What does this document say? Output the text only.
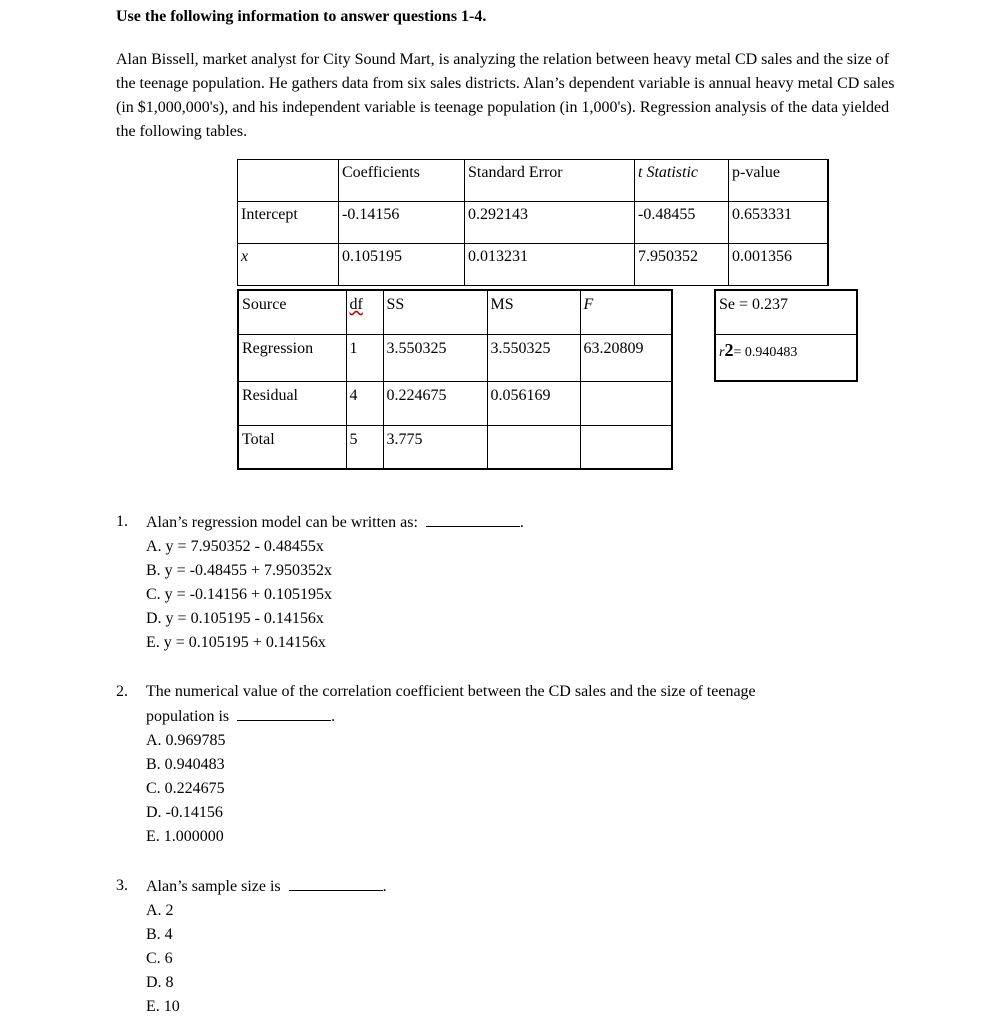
Use the following information to answer questions 1-4.

Alan Bissell, market analyst for City Sound Mart, is analyzing the relation between heavy metal CD sales and the size of the teenage population. He gathers data from six sales districts. Alan’s dependent variable is annual heavy metal CD sales (in $1,000,000's), and his independent variable is teenage population (in 1,000's). Regression analysis of the data yielded the following tables.

	Coefficients	Standard Error	t Statistic	p-value
Intercept	-0.14156	0.292143	-0.48455	0.653331
x	0.105195	0.013231	7.950352	0.001356
Source	df	SS	MS	F
Regression	1	3.550325	3.550325	63.20809
Residual	4	0.224675	0.056169	
Total	5	3.775		
Se = 0.237
r2= 0.940483
1.	Alan’s regression model can be written as:	.
A. y = 7.950352 - 0.48455x
B. y = -0.48455 + 7.950352x
C. y = -0.14156 + 0.105195x
D. y = 0.105195 - 0.14156x
E. y = 0.105195 + 0.14156x
2.	The numerical value of the correlation coefficient between the CD sales and the size of teenage population is	.
A. 0.969785
B. 0.940483
C. 0.224675
D. -0.14156
E. 1.000000
3.	Alan’s sample size is	.
A. 2
B. 4
C. 6
D. 8
E. 10
